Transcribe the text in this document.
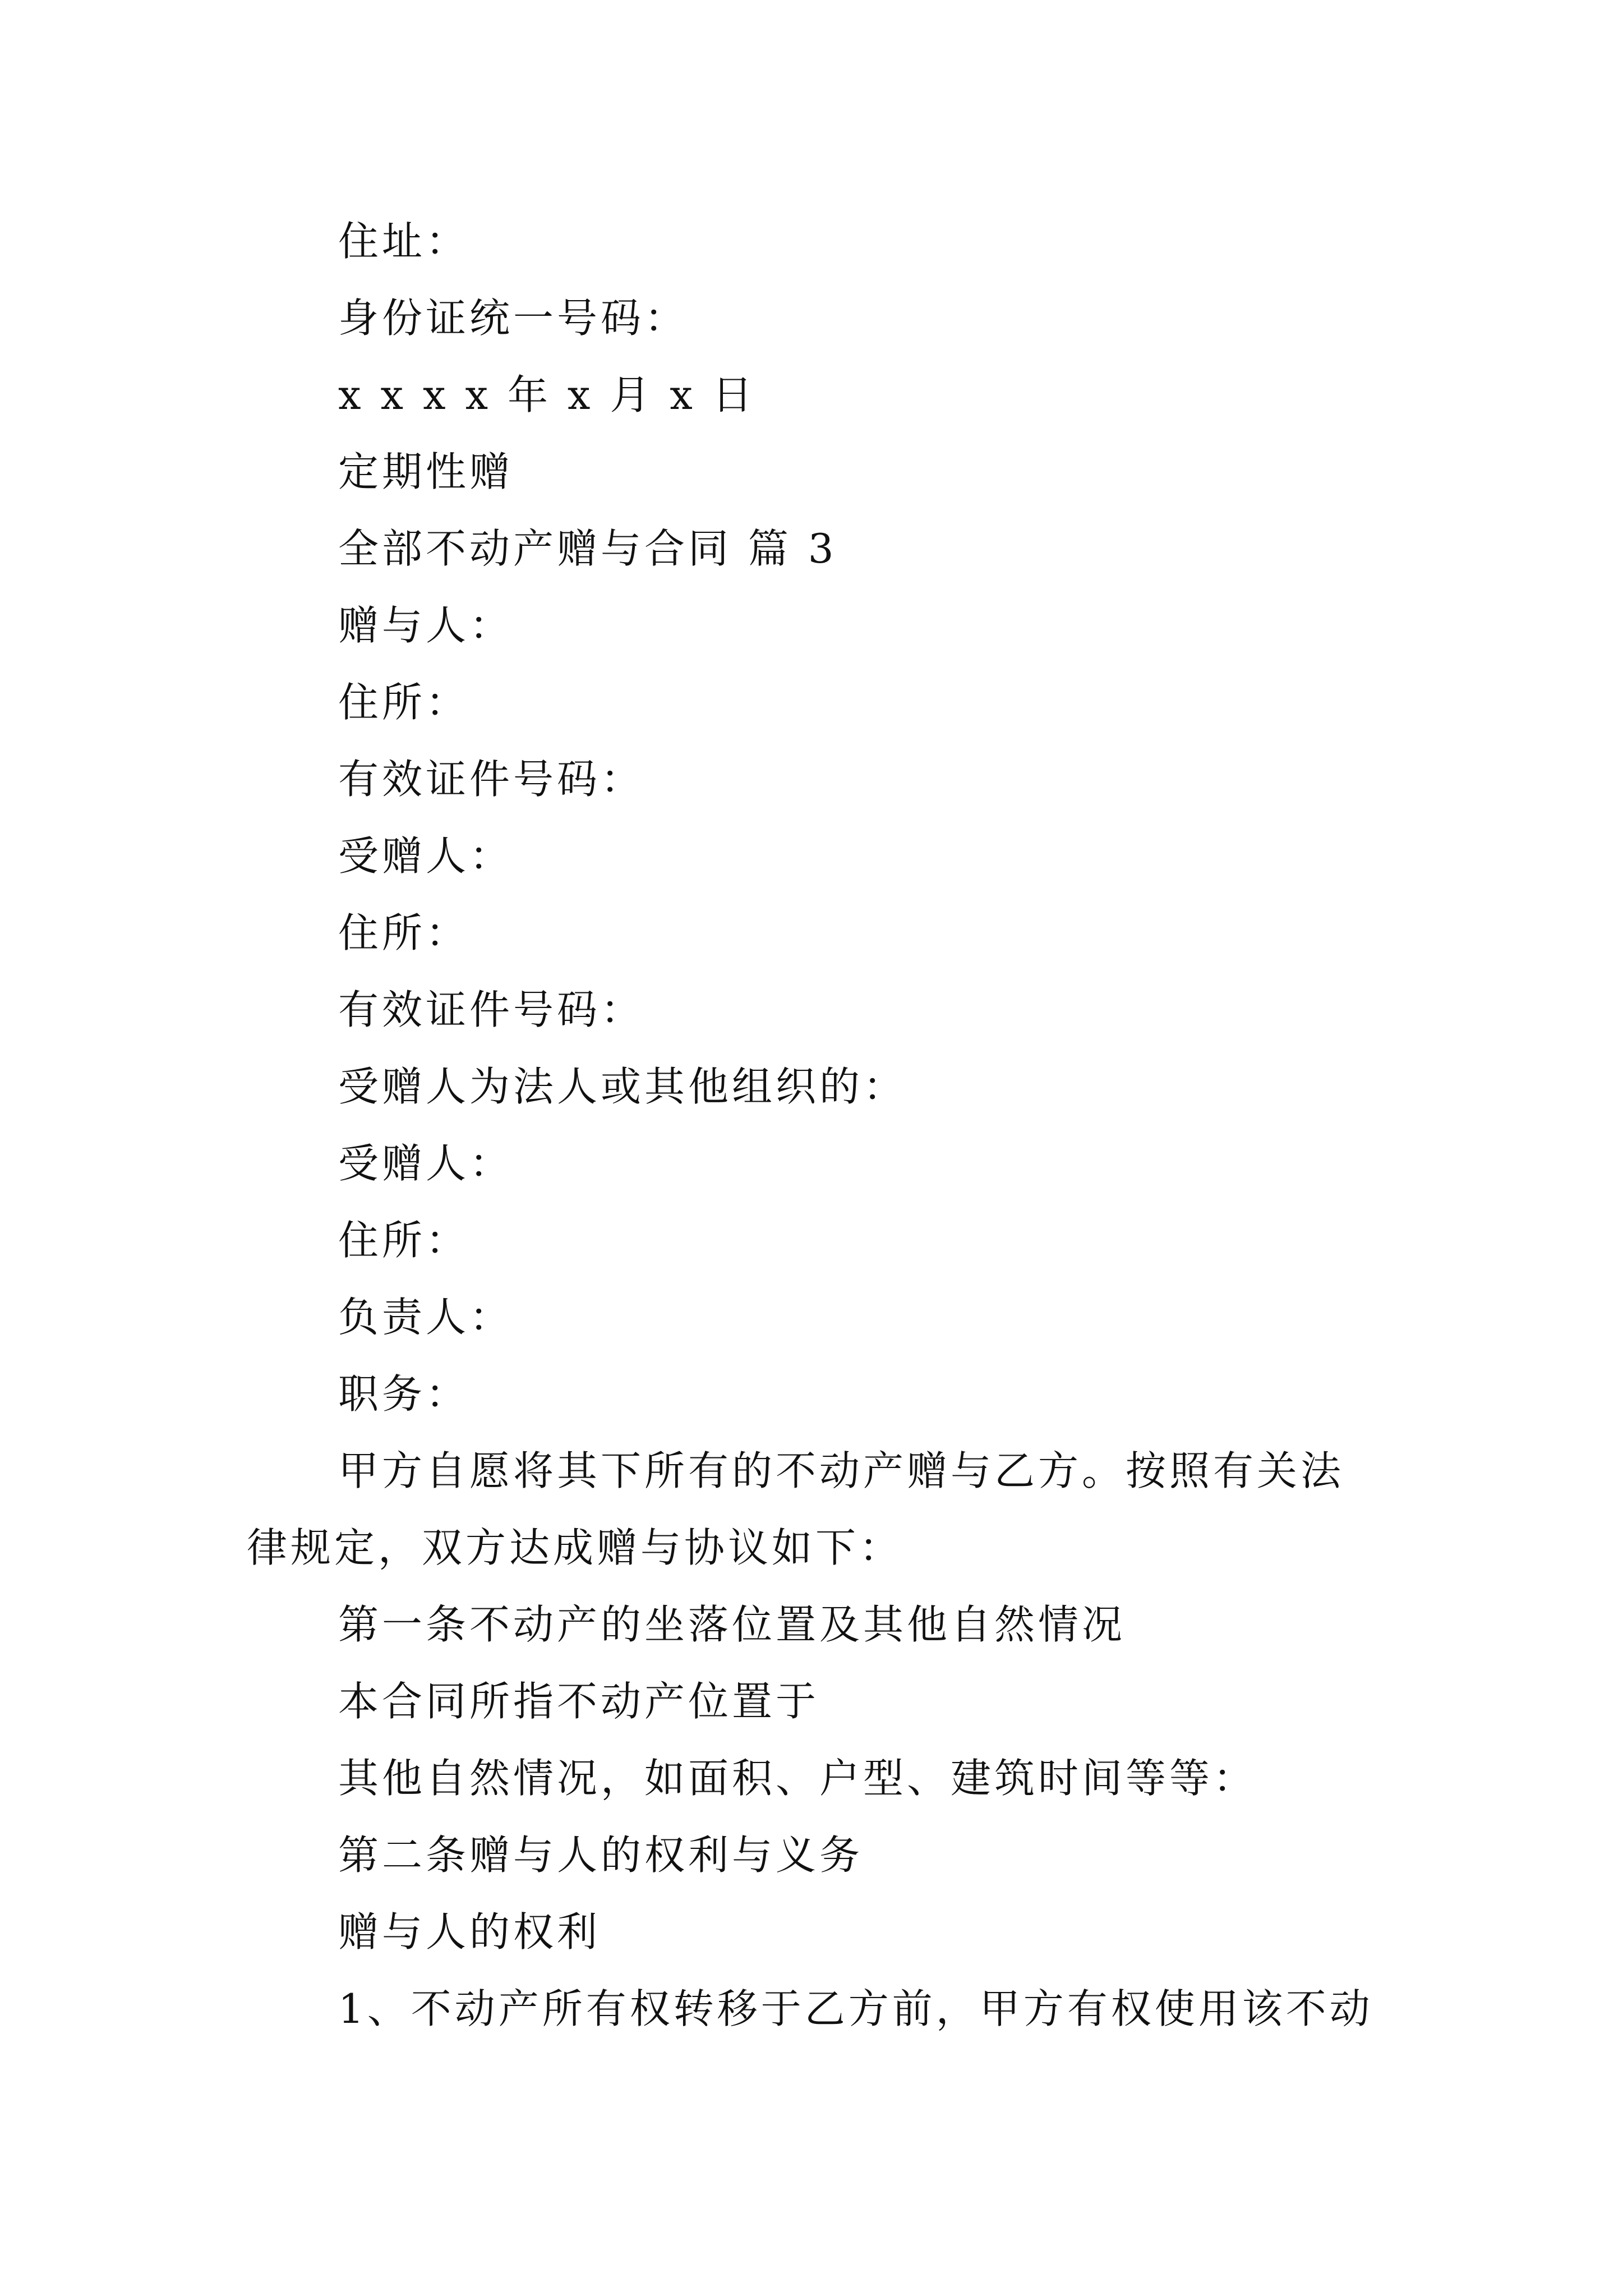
住址：
身份证统一号码：
x x x x 年 x 月 x 日
定期性赠
全部不动产赠与合同 篇 3
赠与人：
住所：
有效证件号码：
受赠人：
住所：
有效证件号码：
受赠人为法人或其他组织的：
受赠人：
住所：
负责人：
职务：
甲方自愿将其下所有的不动产赠与乙方。按照有关法律规定，双方达成赠与协议如下：
第一条不动产的坐落位置及其他自然情况
本合同所指不动产位置于
其他自然情况，如面积、户型、建筑时间等等：
第二条赠与人的权利与义务
赠与人的权利
1、不动产所有权转移于乙方前，甲方有权使用该不动
